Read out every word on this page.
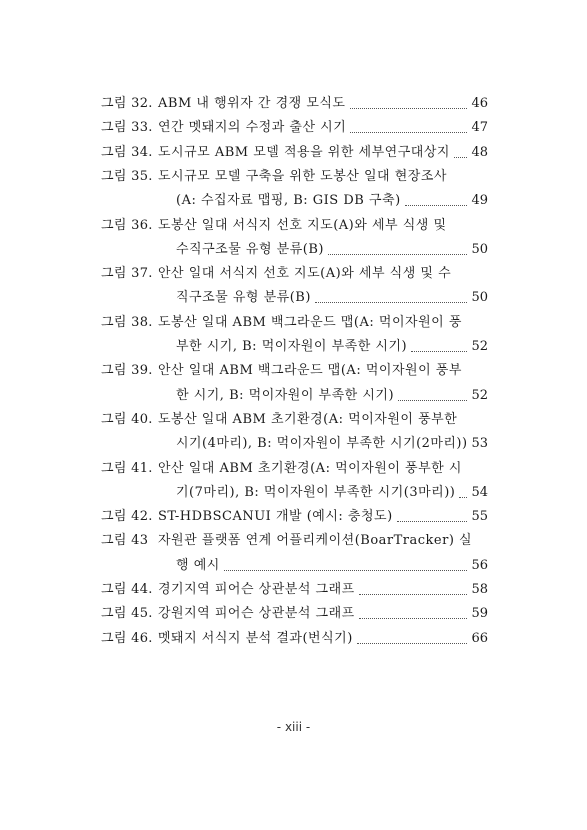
그림 32. ABM 내 행위자 간 경쟁 모식도	46
그림 33. 연간 멧돼지의 수정과 출산 시기	47
그림 34. 도시규모 ABM 모델 적용을 위한 세부연구대상지 48
그림 35. 도시규모 모델 구축을 위한 도봉산 일대 현장조사
(A: 수집자료 맵핑, B: GIS DB 구축)	49
그림 36. 도봉산 일대 서식지 선호 지도(A)와 세부 식생 및
수직구조물 유형 분류(B)	50
그림 37. 안산 일대 서식지 선호 지도(A)와 세부 식생 및 수
직구조물 유형 분류(B)	50
그림 38. 도봉산 일대 ABM 백그라운드 맵(A: 먹이자원이 풍
부한 시기, B: 먹이자원이 부족한 시기)	52
그림 39. 안산 일대 ABM 백그라운드 맵(A: 먹이자원이 풍부
한 시기, B: 먹이자원이 부족한 시기)	52
그림 40. 도봉산 일대 ABM 초기환경(A: 먹이자원이 풍부한
시기(4마리), B: 먹이자원이 부족한 시기(2마리)) 53
그림 41. 안산 일대 ABM 초기환경(A: 먹이자원이 풍부한 시
기(7마리), B: 먹이자원이 부족한 시기(3마리)) 54
그림 42. ST-HDBSCANUI 개발 (예시: 충청도)	55
그림 43 자원관 플랫폼 연계 어플리케이션(BoarTracker) 실
행 예시	56
그림 44. 경기지역 피어슨 상관분석 그래프	58
그림 45. 강원지역 피어슨 상관분석 그래프	59
그림 46. 멧돼지 서식지 분석 결과(번식기)	66
- xiii -
